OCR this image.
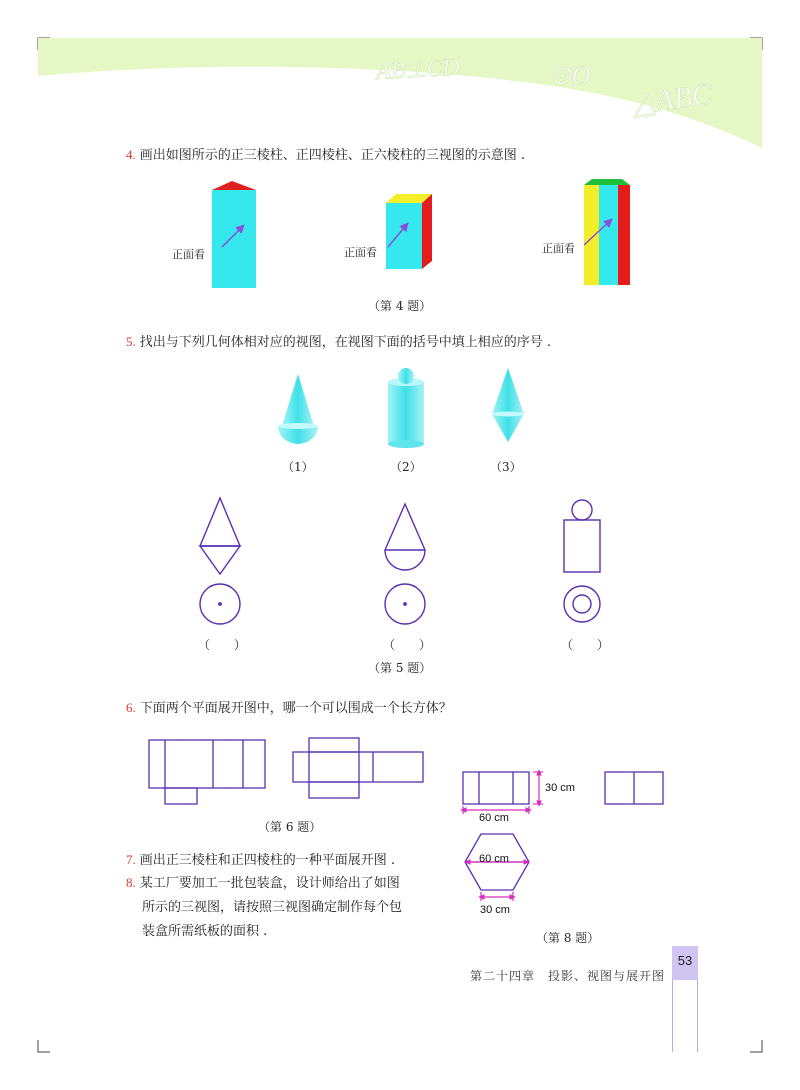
AB⊥CD	⊙O
△ABC
4. 画出如图所示的正三棱柱、正四棱柱、正六棱柱的三视图的示意图 .
正面看	正面看	正面看
（第 4 题）
5. 找出与下列几何体相对应的视图，在视图下面的括号中填上相应的序号 .
（1）	（2）	（3）
（　　）	（　　）	（　　）
（第 5 题）
6. 下面两个平面展开图中，哪一个可以围成一个长方体？
（第 6 题）
30 cm
60 cm
60 cm
30 cm
7. 画出正三棱柱和正四棱柱的一种平面展开图 .
8. 某工厂要加工一批包装盒，设计师给出了如图
所示的三视图，请按照三视图确定制作每个包
装盒所需纸板的面积 .	（第 8 题）
第二十四章　投影、视图与展开图
53
